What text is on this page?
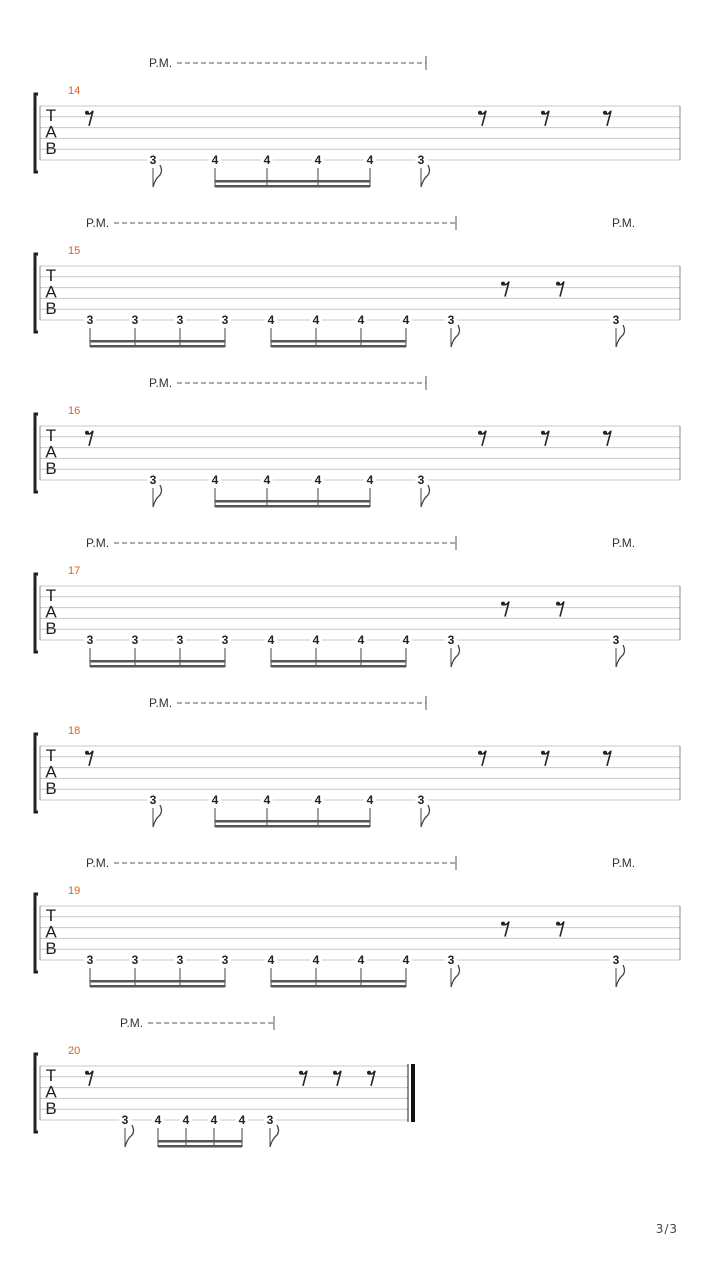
T
A
B
14
P.M.
3	4	4	4	4	3
T
A
B
15
P.M.	P.M.
3	3	3	3	4	4	4	4	3	3
T
A
B
16
P.M.
3	4	4	4	4	3
T
A
B
17
P.M.	P.M.
3	3	3	3	4	4	4	4	3	3
T
A
B
18
P.M.
3	4	4	4	4	3
T
A
B
19
P.M.	P.M.
3	3	3	3	4	4	4	4	3	3
T
A
B
20
P.M.
3 4 4 4 4 3
3/3
